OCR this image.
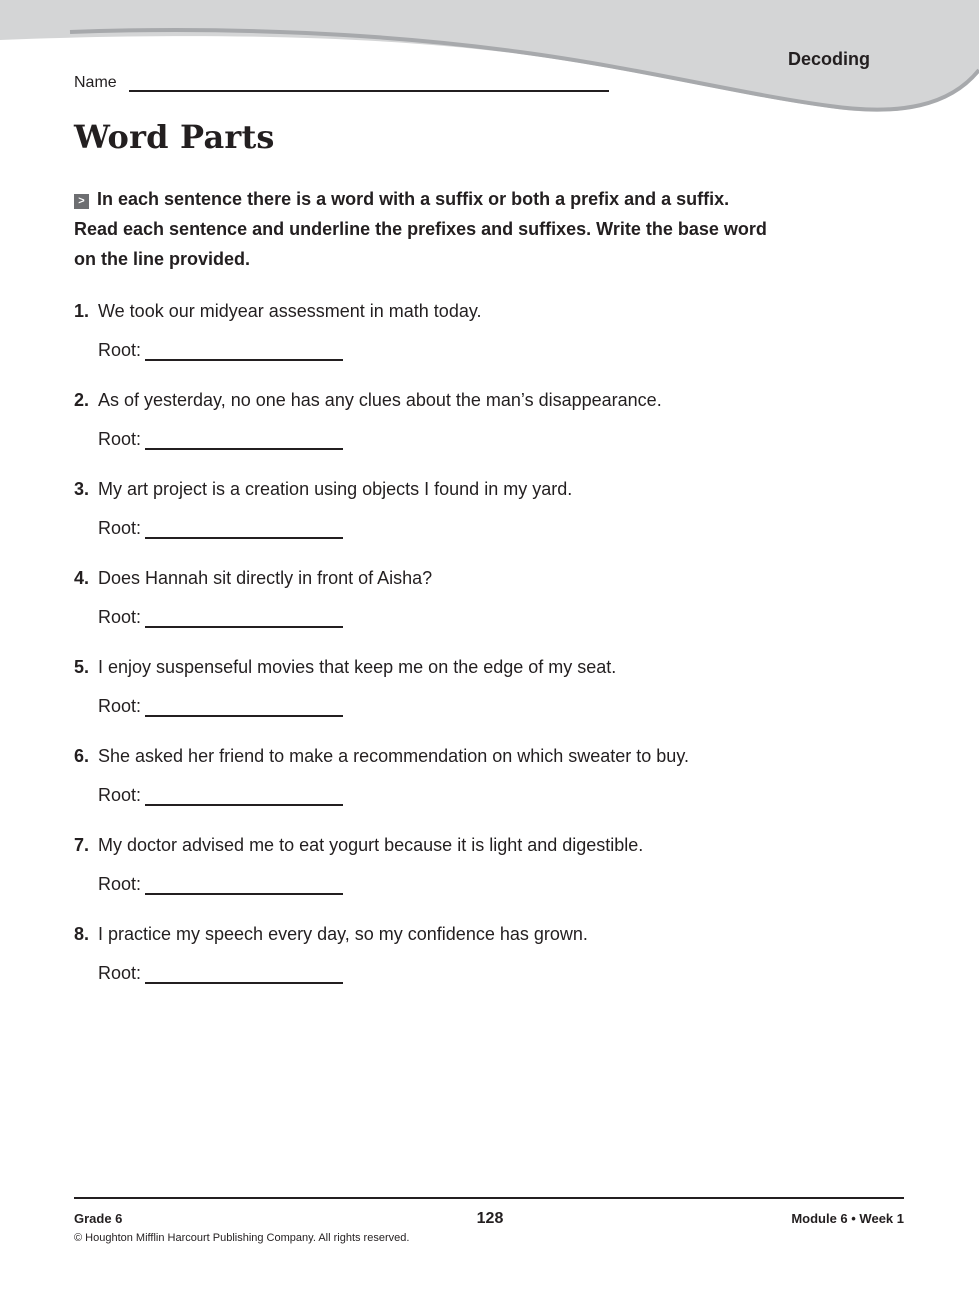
Decoding
Name
Word Parts
> In each sentence there is a word with a suffix or both a prefix and a suffix. Read each sentence and underline the prefixes and suffixes. Write the base word on the line provided.
1. We took our midyear assessment in math today.
Root:
2. As of yesterday, no one has any clues about the man’s disappearance.
Root:
3. My art project is a creation using objects I found in my yard.
Root:
4. Does Hannah sit directly in front of Aisha?
Root:
5. I enjoy suspenseful movies that keep me on the edge of my seat.
Root:
6. She asked her friend to make a recommendation on which sweater to buy.
Root:
7. My doctor advised me to eat yogurt because it is light and digestible.
Root:
8. I practice my speech every day, so my confidence has grown.
Root:
Grade 6	128	Module 6 • Week 1
© Houghton Mifflin Harcourt Publishing Company. All rights reserved.
